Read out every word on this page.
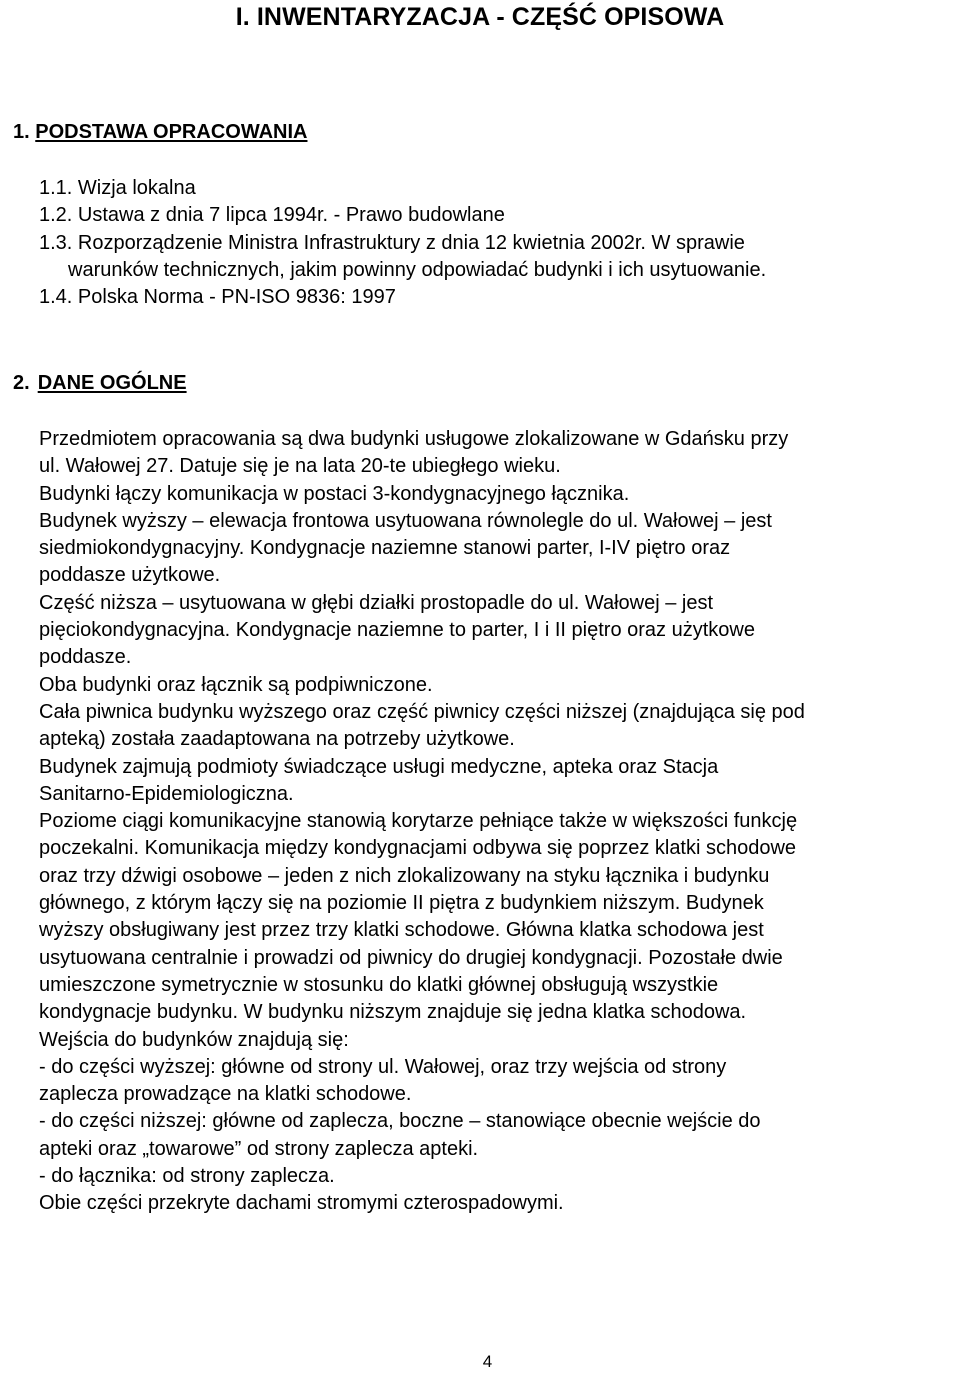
I. INWENTARYZACJA - CZĘŚĆ OPISOWA
1. PODSTAWA OPRACOWANIA
1.1. Wizja lokalna
1.2. Ustawa z dnia 7 lipca 1994r. - Prawo budowlane
1.3. Rozporządzenie Ministra Infrastruktury z dnia 12 kwietnia 2002r. W sprawie
warunków technicznych, jakim powinny odpowiadać budynki i ich usytuowanie.
1.4. Polska Norma - PN-ISO 9836: 1997
2. DANE OGÓLNE

Przedmiotem opracowania są dwa budynki usługowe zlokalizowane w Gdańsku przy

ul. Wałowej 27. Datuje się je na lata 20-te ubiegłego wieku.

Budynki łączy komunikacja w postaci 3-kondygnacyjnego łącznika.

Budynek wyższy – elewacja frontowa usytuowana równolegle do ul. Wałowej – jest

siedmiokondygnacyjny. Kondygnacje naziemne stanowi parter, I-IV piętro oraz

poddasze użytkowe.

Część niższa – usytuowana w głębi działki prostopadle do ul. Wałowej – jest

pięciokondygnacyjna. Kondygnacje naziemne to parter, I i II piętro oraz użytkowe

poddasze.

Oba budynki oraz łącznik są podpiwniczone.

Cała piwnica budynku wyższego oraz część piwnicy części niższej (znajdująca się pod

apteką) została zaadaptowana na potrzeby użytkowe.

Budynek zajmują podmioty świadczące usługi medyczne, apteka oraz Stacja

Sanitarno-Epidemiologiczna.

Poziome ciągi komunikacyjne stanowią korytarze pełniące także w większości funkcję

poczekalni. Komunikacja między kondygnacjami odbywa się poprzez klatki schodowe

oraz trzy dźwigi osobowe – jeden z nich zlokalizowany na styku łącznika i budynku

głównego, z którym łączy się na poziomie II piętra z budynkiem niższym. Budynek

wyższy obsługiwany jest przez trzy klatki schodowe. Główna klatka schodowa jest

usytuowana centralnie i prowadzi od piwnicy do drugiej kondygnacji. Pozostałe dwie

umieszczone symetrycznie w stosunku do klatki głównej obsługują wszystkie

kondygnacje budynku. W budynku niższym znajduje się jedna klatka schodowa.

Wejścia do budynków znajdują się:

- do części wyższej: główne od strony ul. Wałowej, oraz trzy wejścia od strony

zaplecza prowadzące na klatki schodowe.

- do części niższej: główne od zaplecza, boczne – stanowiące obecnie wejście do

apteki oraz „towarowe” od strony zaplecza apteki.

- do łącznika: od strony zaplecza.

Obie części przekryte dachami stromymi czterospadowymi.

4
